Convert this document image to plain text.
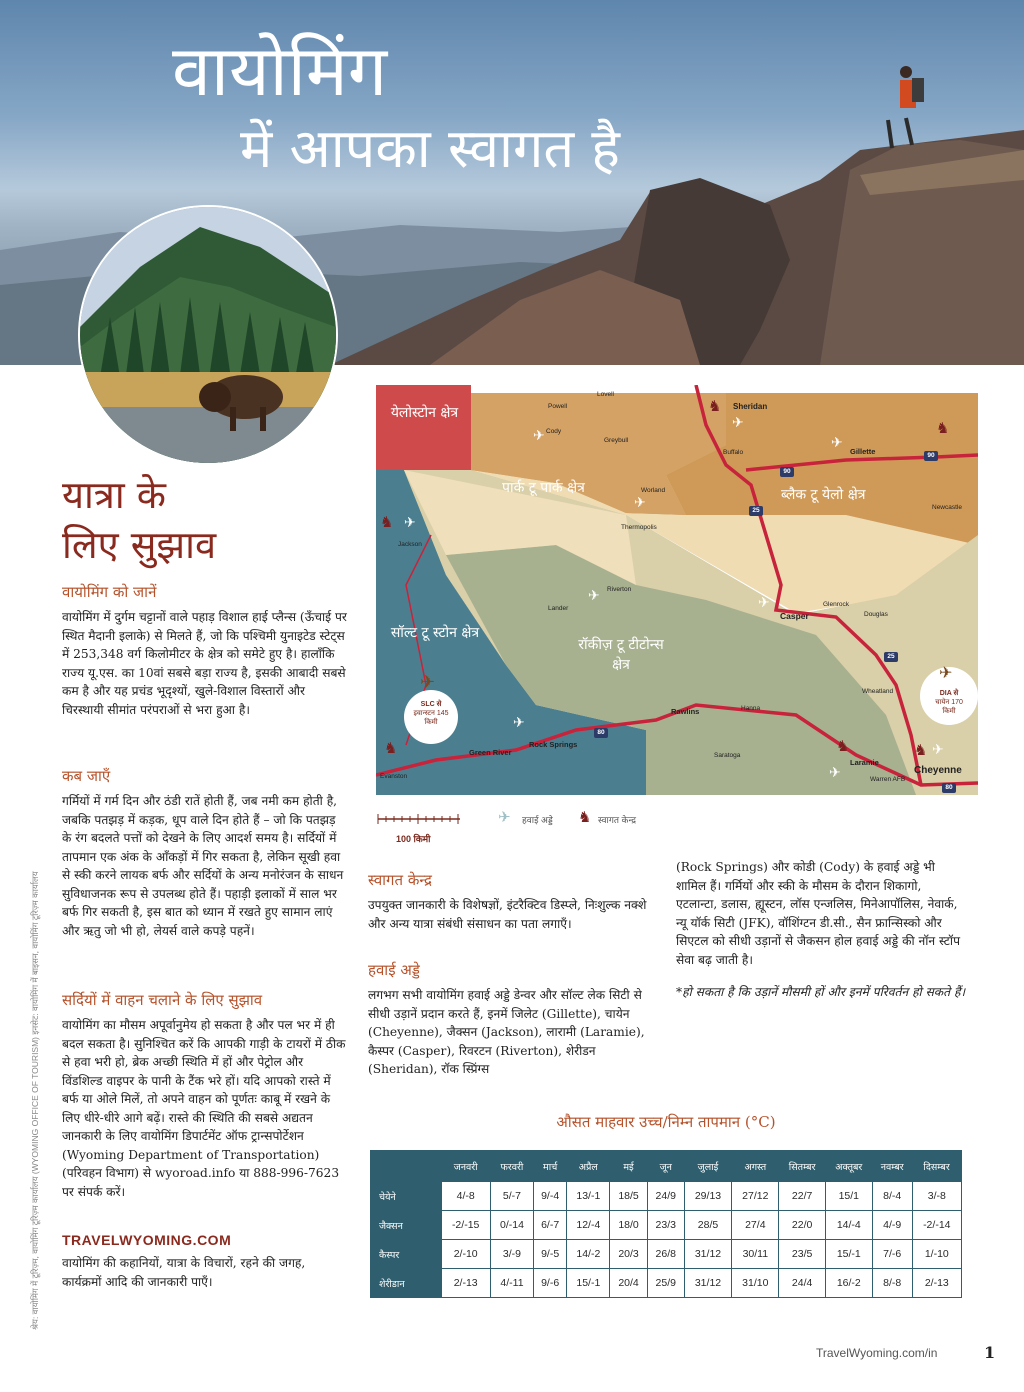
वायोमिंग
में आपका स्वागत है
श्रेय: वायोमिंग में टूरिज़्म, वायोमिंग टूरिज़्म कार्यालय (WYOMING OFFICE OF TOURISM) इनसेट: वायोमिंग में बाइसन, वायोमिंग टूरिज़्म कार्यालय
यात्रा के
लिए सुझाव
वायोमिंग को जानें

वायोमिंग में दुर्गम चट्टानों वाले पहाड़ विशाल हाई प्लैन्स (ऊँचाई पर स्थित मैदानी इलाके) से मिलते हैं, जो कि पश्चिमी युनाइटेड स्टेट्स में 253,348 वर्ग किलोमीटर के क्षेत्र को समेटे हुए है। हालाँकि राज्य यू.एस. का 10वां सबसे बड़ा राज्य है, इसकी आबादी सबसे कम है और यह प्रचंड भूदृश्यों, खुले-विशाल विस्तारों और चिरस्थायी सीमांत परंपराओं से भरा हुआ है।

कब जाएँ

गर्मियों में गर्म दिन और ठंडी रातें होती हैं, जब नमी कम होती है, जबकि पतझड़ में कड़क, धूप वाले दिन होते हैं – जो कि पतझड़ के रंग बदलते पत्तों को देखने के लिए आदर्श समय है। सर्दियों में तापमान एक अंक के आँकड़ों में गिर सकता है, लेकिन सूखी हवा से स्की करने लायक बर्फ और सर्दियों के अन्य मनोरंजन के साधन सुविधाजनक रूप से उपलब्ध होते हैं। पहाड़ी इलाकों में साल भर बर्फ गिर सकती है, इस बात को ध्यान में रखते हुए सामान लाएं और ऋतु जो भी हो, लेयर्स वाले कपड़े पहनें।

सर्दियों में वाहन चलाने के लिए सुझाव

वायोमिंग का मौसम अपूर्वानुमेय हो सकता है और पल भर में ही बदल सकता है। सुनिश्चित करें कि आपकी गाड़ी के टायरों में ठीक से हवा भरी हो, ब्रेक अच्छी स्थिति में हों और पेट्रोल और विंडशिल्ड वाइपर के पानी के टैंक भरे हों। यदि आपको रास्ते में बर्फ या ओले मिलें, तो अपने वाहन को पूर्णतः काबू में रखने के लिए धीरे-धीरे आगे बढ़ें। रास्ते की स्थिति की सबसे अद्यतन जानकारी के लिए वायोमिंग डिपार्टमेंट ऑफ ट्रान्सपोर्टेशन (Wyoming Department of Transportation) (परिवहन विभाग) से wyoroad.info या 888-996-7623 पर संपर्क करें।

TRAVELWYOMING.COM

वायोमिंग की कहानियों, यात्रा के विचारों, रहने की जगह, कार्यक्रमों आदि की जानकारी पाएँ।

येलोस्टोन क्षेत्र
पार्क टू पार्क क्षेत्र	ब्लैक टू येलो क्षेत्र
सॉल्ट टू स्टोन क्षेत्र
रॉकीज़ टू टीटोन्स क्षेत्र
Lovell
Powell
Cody
Greybull
Sheridan
Buffalo	Gillette
Worland
Thermopolis
Newcastle
Jackson
Riverton
Lander
Glenrock
Casper	Douglas
Wheatland
Rawlins	Hanna
Saratoga
Laramie
Cheyenne
Warren AFB
Rock Springs
Green River
Evanston
90
90
25
25
80
80
✈
✈
✈
✈
✈
✈	✈
✈
✈
✈
♞
♞
♞
♞	♞	♞
✈
SLC से
इवान्स्टन 145
किमी
✈
DIA से
चायेन 170
किमी
100 किमी
✈ हवाई अड्डे ♞ स्वागत केन्द्र
स्वागत केन्द्र

उपयुक्त जानकारी के विशेषज्ञों, इंटरैक्टिव डिस्प्ले, निःशुल्क नक्शे और अन्य यात्रा संबंधी संसाधन का पता लगाएँ।

हवाई अड्डे

लगभग सभी वायोमिंग हवाई अड्डे डेन्वर और सॉल्ट लेक सिटी से सीधी उड़ानें प्रदान करते हैं, इनमें जिलेट (Gillette), चायेन (Cheyenne), जैक्सन (Jackson), लारामी (Laramie), कैस्पर (Casper), रिवरटन (Riverton), शेरीडन (Sheridan), रॉक स्प्रिंग्स

(Rock Springs) और कोडी (Cody) के हवाई अड्डे भी शामिल हैं। गर्मियों और स्की के मौसम के दौरान शिकागो, एटलान्टा, डलास, ह्यूस्टन, लॉस एन्जलिस, मिनेआपॉलिस, नेवार्क, न्यू यॉर्क सिटी (JFK), वॉशिंग्टन डी.सी., सैन फ्रान्सिस्को और सिएटल को सीधी उड़ानों से जैकसन होल हवाई अड्डे की नॉन स्टॉप सेवा बढ़ जाती है।

*हो सकता है कि उड़ानें मौसमी हों और इनमें परिवर्तन हो सकते हैं।

औसत माहवार उच्च/निम्न तापमान (°C)
	जनवरी	फरवरी	मार्च	अप्रैल	मई	जून	जुलाई	अगस्त	सितम्बर	अक्तूबर	नवम्बर	दिसम्बर
चेयेने	4/-8	5/-7	9/-4	13/-1	18/5	24/9	29/13	27/12	22/7	15/1	8/-4	3/-8
जैक्सन	-2/-15	0/-14	6/-7	12/-4	18/0	23/3	28/5	27/4	22/0	14/-4	4/-9	-2/-14
कैस्पर	2/-10	3/-9	9/-5	14/-2	20/3	26/8	31/12	30/11	23/5	15/-1	7/-6	1/-10
शेरीडान	2/-13	4/-11	9/-6	15/-1	20/4	25/9	31/12	31/10	24/4	16/-2	8/-8	2/-13
TravelWyoming.com/in	1
